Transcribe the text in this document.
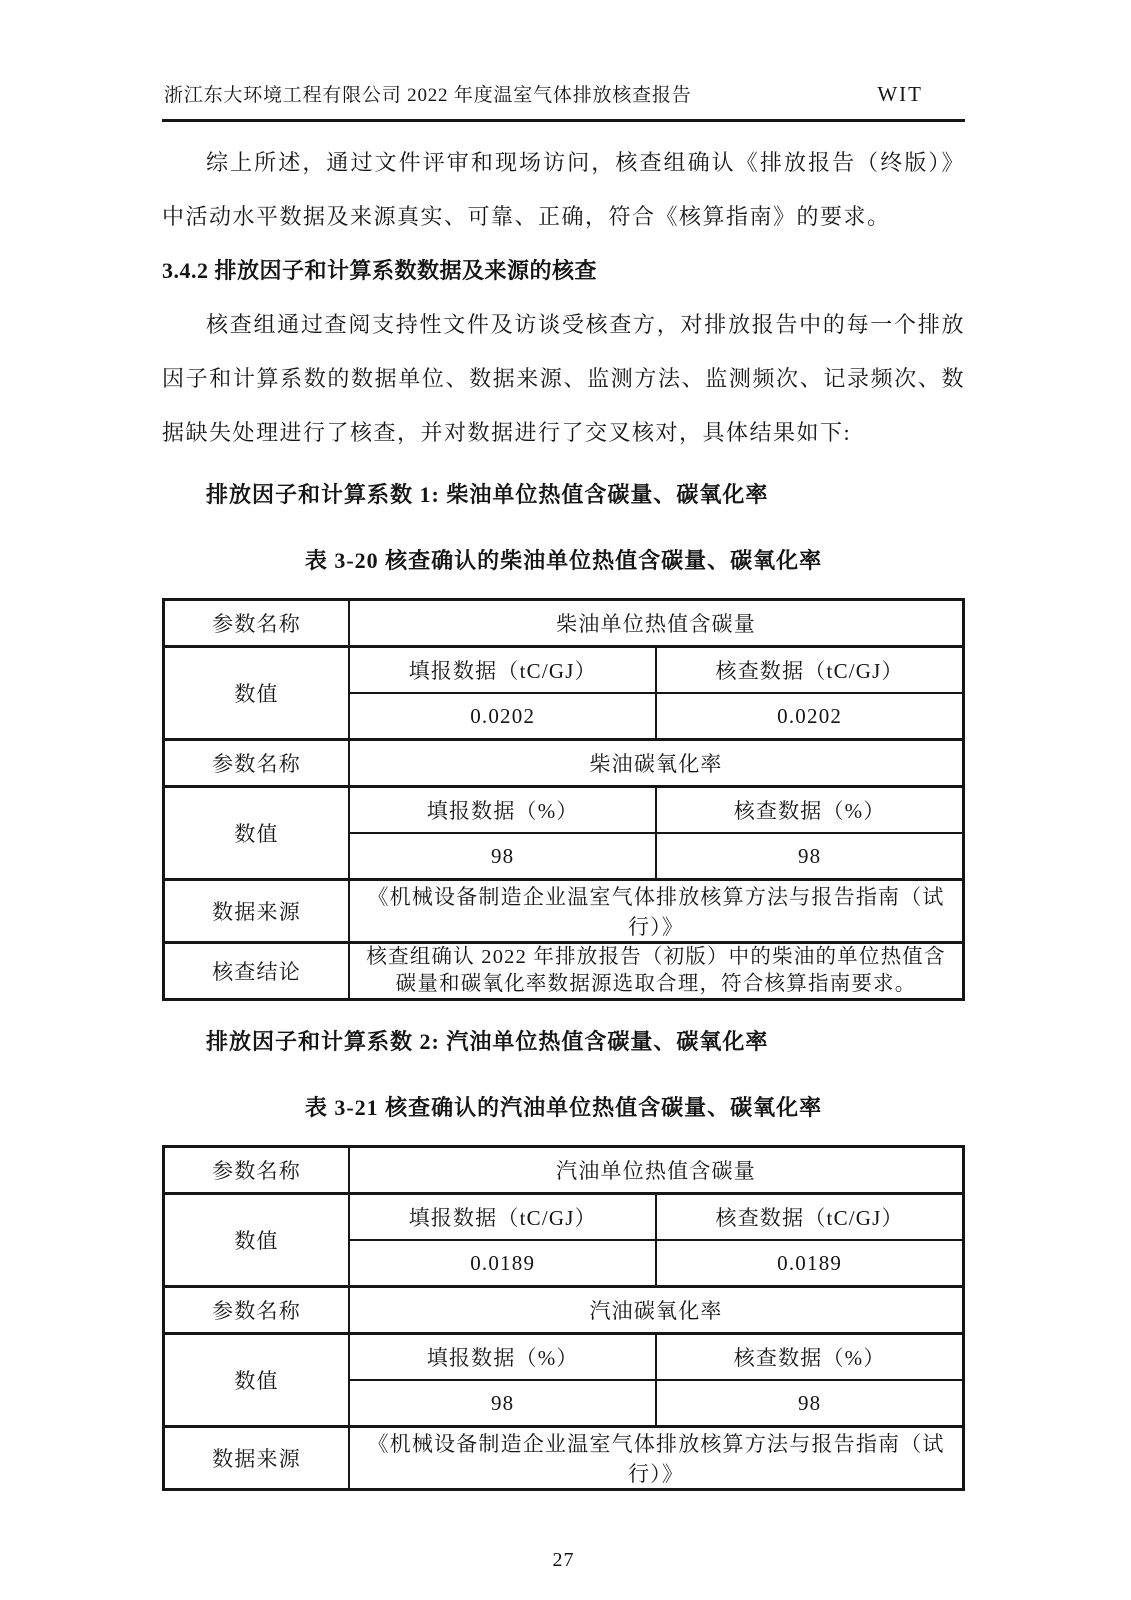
浙江东大环境工程有限公司 2022 年度温室气体排放核查报告	WIT

综上所述，通过文件评审和现场访问，核查组确认《排放报告（终版）》中活动水平数据及来源真实、可靠、正确，符合《核算指南》的要求。

3.4.2 排放因子和计算系数数据及来源的核查

核查组通过查阅支持性文件及访谈受核查方，对排放报告中的每一个排放因子和计算系数的数据单位、数据来源、监测方法、监测频次、记录频次、数据缺失处理进行了核查，并对数据进行了交叉核对，具体结果如下:

排放因子和计算系数 1: 柴油单位热值含碳量、碳氧化率

表 3-20 核查确认的柴油单位热值含碳量、碳氧化率

参数名称	柴油单位热值含碳量	
数值	填报数据（tC/GJ）	核查数据（tC/GJ）
	0.0202	0.0202
参数名称	柴油碳氧化率	
数值	填报数据（%）	核查数据（%）
	98	98
数据来源	《机械设备制造企业温室气体排放核算方法与报告指南（试行）》	
核查结论	核查组确认 2022 年排放报告（初版）中的柴油的单位热值含碳量和碳氧化率数据源选取合理，符合核算指南要求。	

排放因子和计算系数 2: 汽油单位热值含碳量、碳氧化率

表 3-21 核查确认的汽油单位热值含碳量、碳氧化率

参数名称	汽油单位热值含碳量	
数值	填报数据（tC/GJ）	核查数据（tC/GJ）
	0.0189	0.0189
参数名称	汽油碳氧化率	
数值	填报数据（%）	核查数据（%）
	98	98
数据来源	《机械设备制造企业温室气体排放核算方法与报告指南（试行）》	
27
